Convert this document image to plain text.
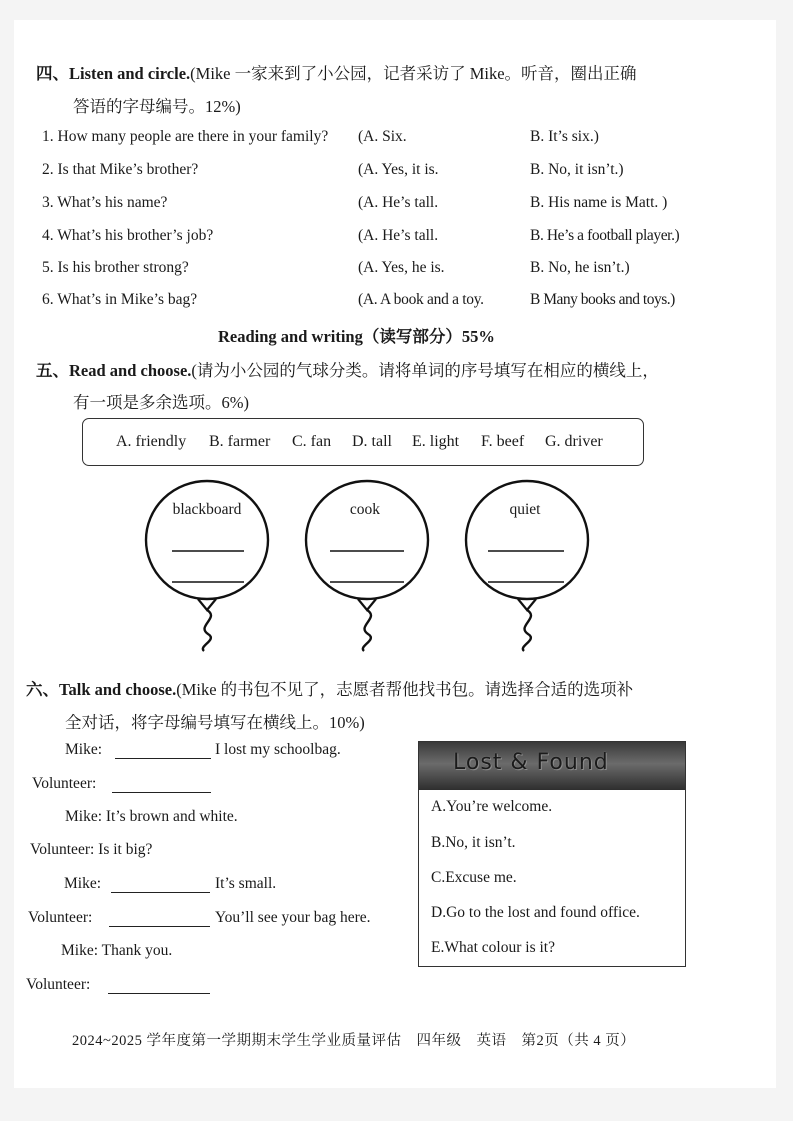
四、Listen and circle.(Mike 一家来到了小公园，记者采访了 Mike。听音，圈出正确
答语的字母编号。12%)
1. How many people are there in your family? (A. Six.	B. It’s six.)
2. Is that Mike’s brother?	(A. Yes, it is.	B. No, it isn’t.)
3. What’s his name?	(A. He’s tall.	B. His name is Matt. )
4. What’s his brother’s job?	(A. He’s tall.	B. He’s a football player.)
5. Is his brother strong?	(A. Yes, he is.	B. No, he isn’t.)
6. What’s in Mike’s bag?	(A. A book and a toy.	B Many books and toys.)
Reading and writing（读写部分）55%
五、Read and choose.(请为小公园的气球分类。请将单词的序号填写在相应的横线上，
有一项是多余选项。6%)
A. friendly B. farmer C. fan D. tall E. light F. beef G. driver
blackboard	cook	quiet
六、Talk and choose.(Mike 的书包不见了，志愿者帮他找书包。请选择合适的选项补
全对话，将字母编号填写在横线上。10%)
Mike:	I lost my schoolbag.
Volunteer:
Mike: It’s brown and white.
Volunteer: Is it big?
Mike:	It’s small.
Volunteer:	You’ll see your bag here.
Mike: Thank you.
Volunteer:
Lost & Found
A.You’re welcome.
B.No, it isn’t.
C.Excuse me.
D.Go to the lost and found office.
E.What colour is it?
2024~2025 学年度第一学期期末学生学业质量评估　四年级　英语　第2页（共 4 页）
